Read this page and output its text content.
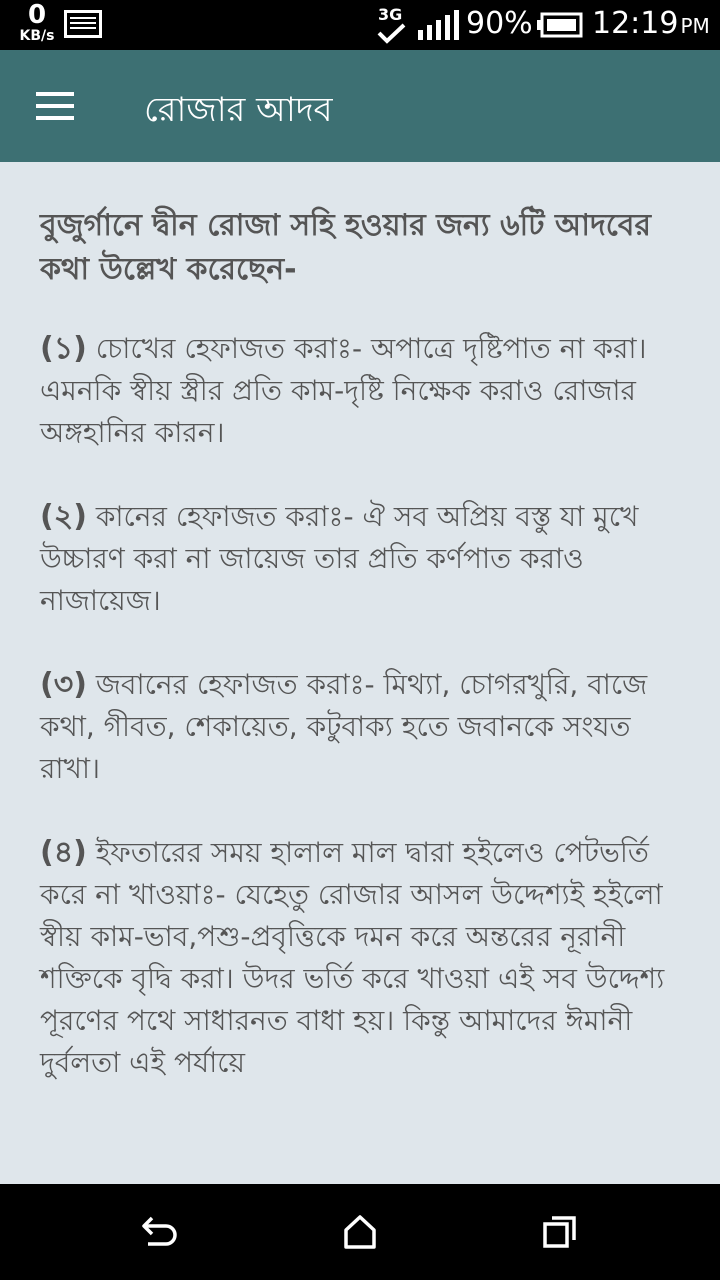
0
KB/s
3G 90% 12:19 PM
রোজার আদব

বুজুর্গানে দ্বীন রোজা সহি হওয়ার জন্য ৬টি আদবের কথা উল্লেখ করেছেন-

(১) চোখের হেফাজত করাঃ- অপাত্রে দৃষ্টিপাত না করা। এমনকি স্বীয় স্ত্রীর প্রতি কাম-দৃষ্টি নিক্ষেক করাও রোজার অঙ্গহানির কারন।

(২) কানের হেফাজত করাঃ- ঐ সব অপ্রিয় বস্তু যা মুখে উচ্চারণ করা না জায়েজ তার প্রতি কর্ণপাত করাও নাজায়েজ।

(৩) জবানের হেফাজত করাঃ- মিথ্যা, চোগরখুরি, বাজে কথা, গীবত, শেকায়েত, কটুবাক্য হতে জবানকে সংযত রাখা।

(৪) ইফতারের সময় হালাল মাল দ্বারা হইলেও পেটভর্তি করে না খাওয়াঃ- যেহেতু রোজার আসল উদ্দেশ্যই হইলো স্বীয় কাম-ভাব,পশু-প্রবৃত্তিকে দমন করে অন্তরের নূরানী শক্তিকে বৃদ্বি করা। উদর ভর্তি করে খাওয়া এই সব উদ্দেশ্য পূরণের পথে সাধারনত বাধা হয়। কিন্তু আমাদের ঈমানী দুর্বলতা এই পর্যায়ে
